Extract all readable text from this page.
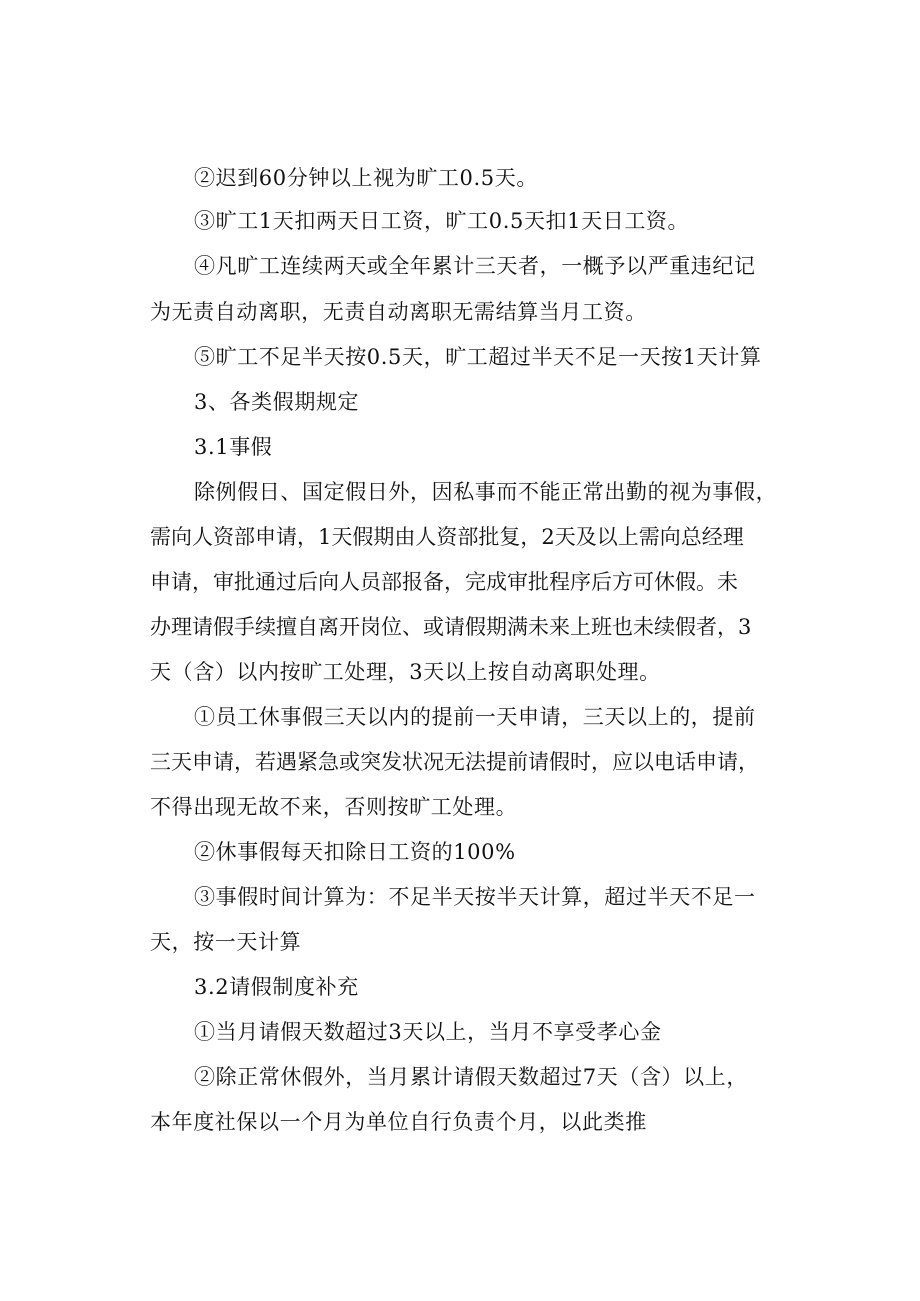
②迟到60分钟以上视为旷工0.5天。
③旷工1天扣两天日工资，旷工0.5天扣1天日工资。
④凡旷工连续两天或全年累计三天者，一概予以严重违纪记
为无责自动离职，无责自动离职无需结算当月工资。
⑤旷工不足半天按0.5天，旷工超过半天不足一天按1天计算
3、各类假期规定
3.1事假
除例假日、国定假日外，因私事而不能正常出勤的视为事假，
需向人资部申请，1天假期由人资部批复，2天及以上需向总经理
申请，审批通过后向人员部报备，完成审批程序后方可休假。未
办理请假手续擅自离开岗位、或请假期满未来上班也未续假者，3
天（含）以内按旷工处理，3天以上按自动离职处理。
①员工休事假三天以内的提前一天申请，三天以上的，提前
三天申请，若遇紧急或突发状况无法提前请假时，应以电话申请，
不得出现无故不来，否则按旷工处理。
②休事假每天扣除日工资的100%
③事假时间计算为：不足半天按半天计算，超过半天不足一
天，按一天计算
3.2请假制度补充
①当月请假天数超过3天以上，当月不享受孝心金
②除正常休假外，当月累计请假天数超过7天（含）以上，
本年度社保以一个月为单位自行负责个月，以此类推
